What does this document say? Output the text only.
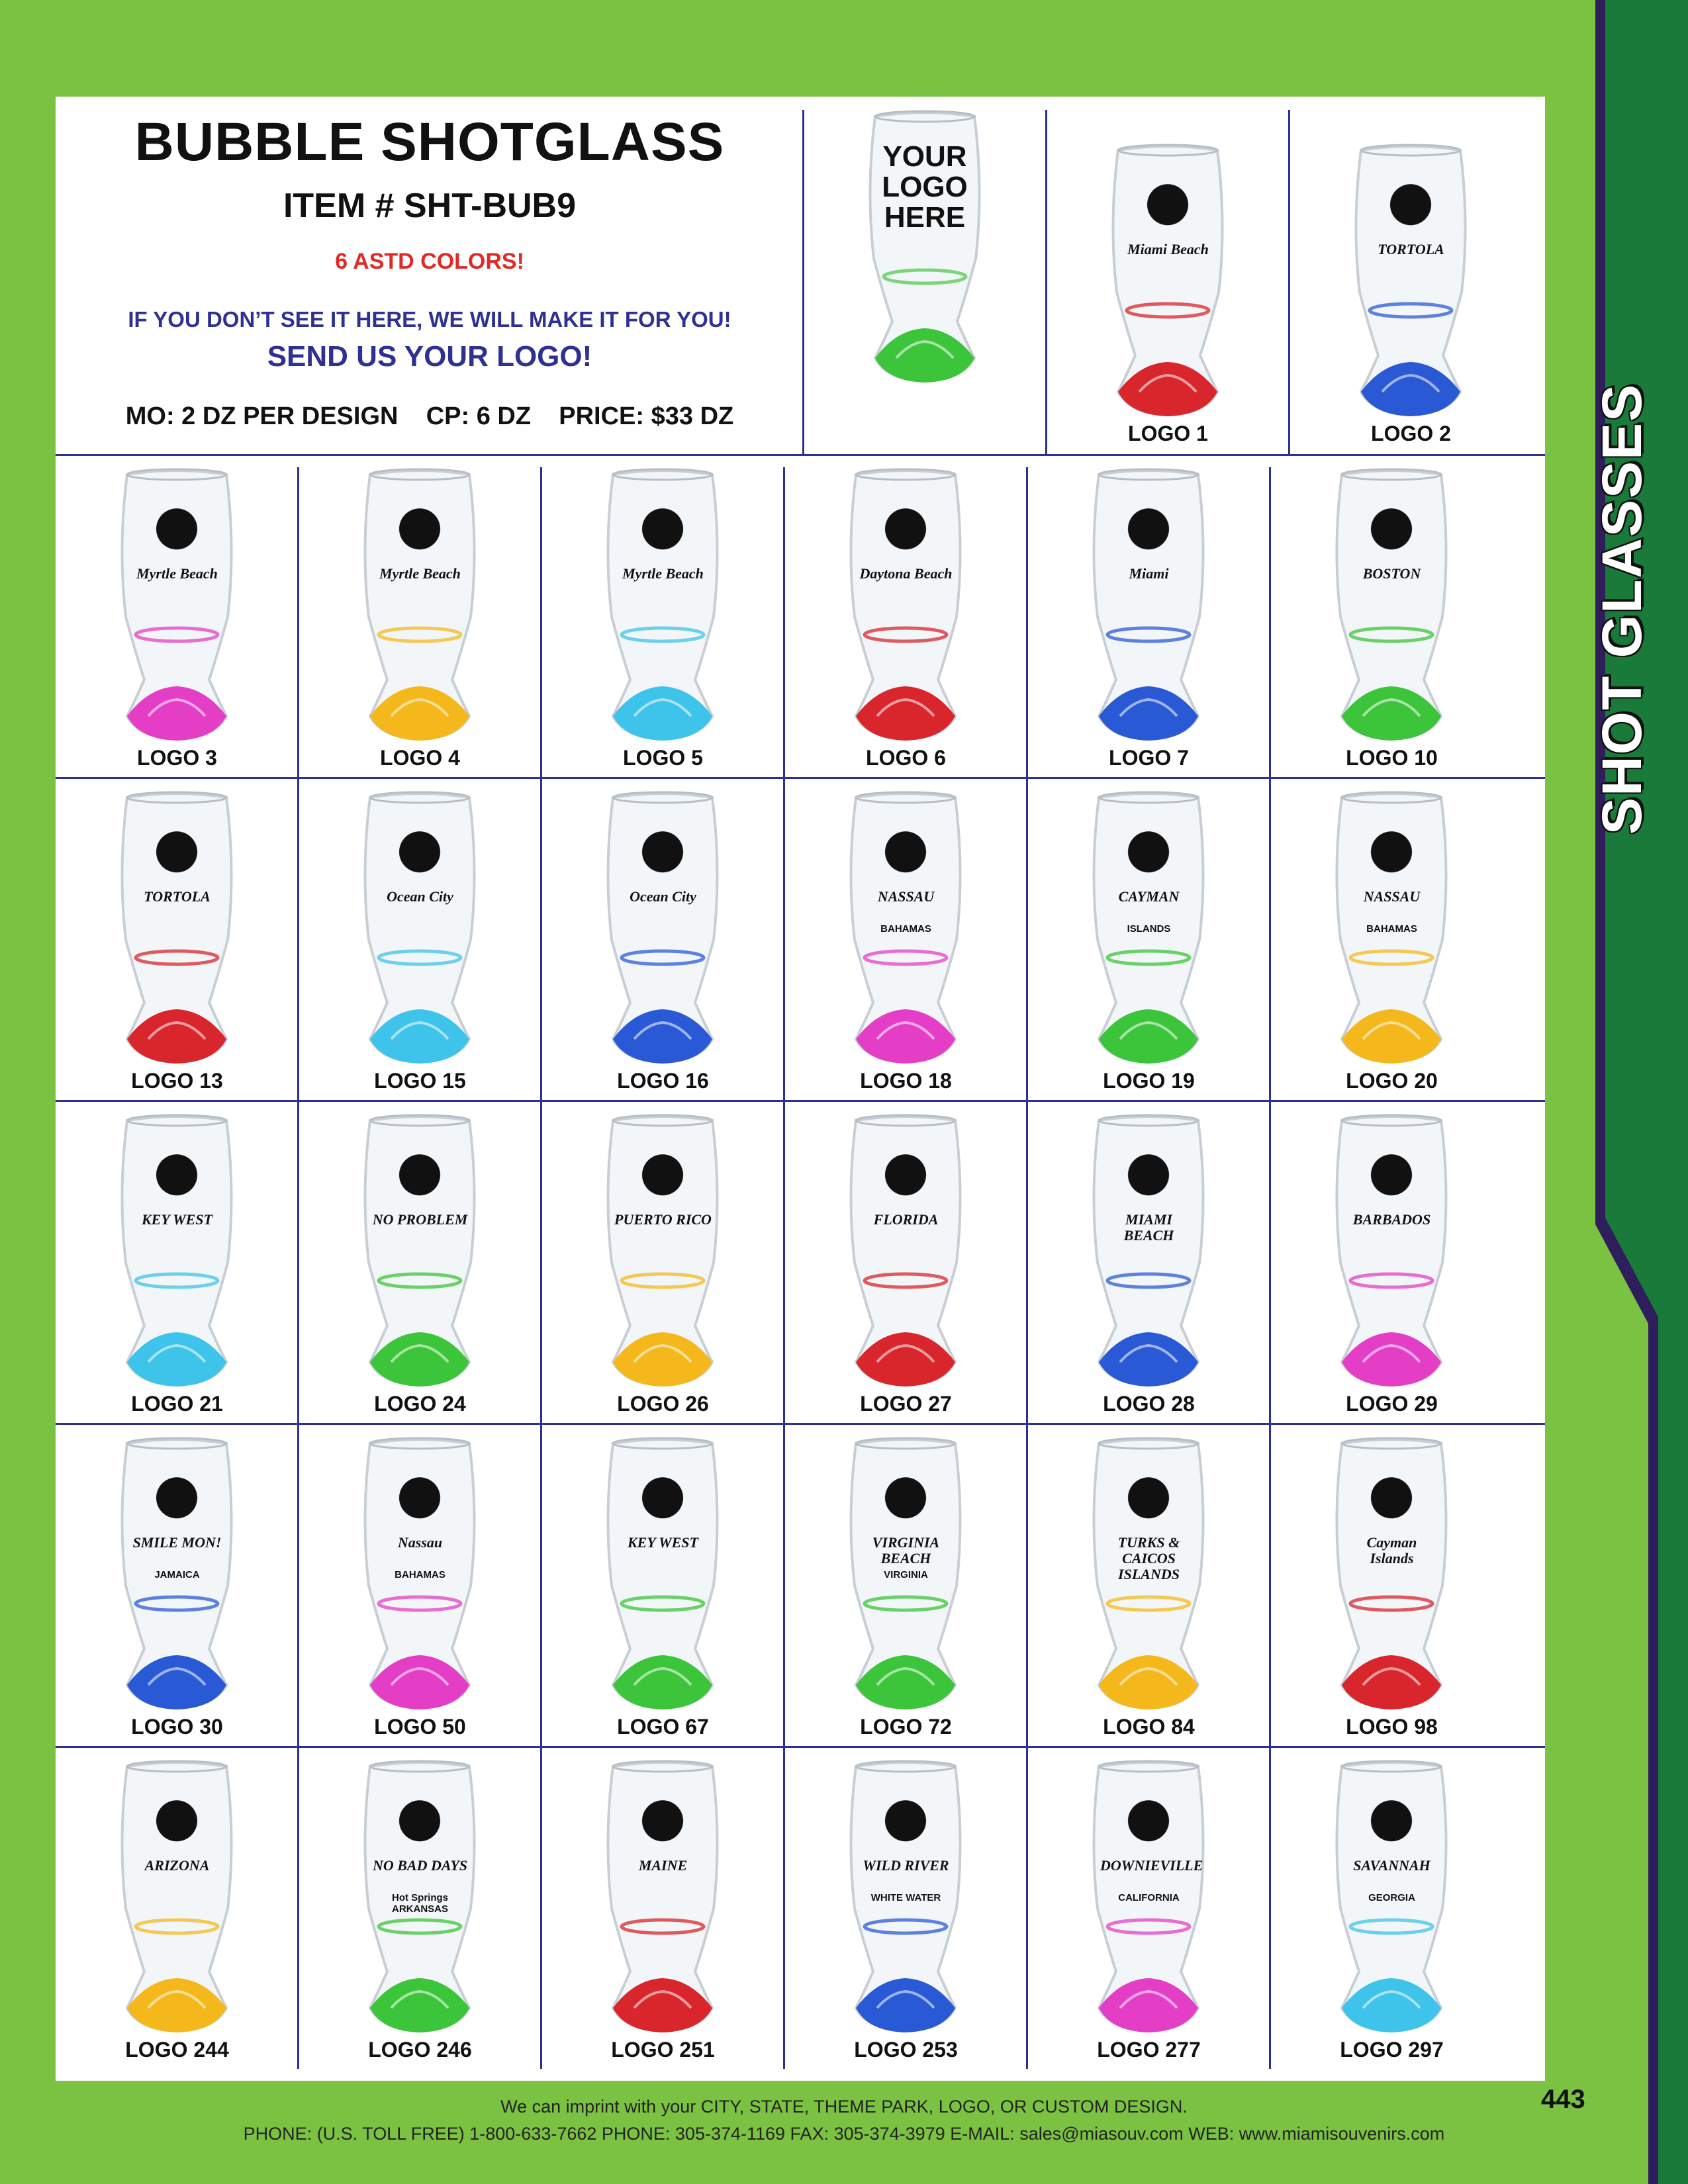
SHOT GLASSES
BUBBLE SHOTGLASS
ITEM # SHT-BUB9
6 ASTD COLORS!
IF YOU DON’T SEE IT HERE, WE WILL MAKE IT FOR YOU!
SEND US YOUR LOGO!
MO: 2 DZ PER DESIGN    CP: 6 DZ    PRICE: $33 DZ
YOUR
LOGO
HERE
Miami Beach
LOGO 1
TORTOLA
LOGO 2
Myrtle Beach
LOGO 3
Myrtle Beach
LOGO 4
Myrtle Beach
LOGO 5
Daytona Beach
LOGO 6
Miami
LOGO 7
BOSTON
LOGO 10
TORTOLA
LOGO 13
Ocean City
LOGO 15
Ocean City
LOGO 16
NASSAU
BAHAMAS
LOGO 18
CAYMAN
ISLANDS
LOGO 19
NASSAU
BAHAMAS
LOGO 20
KEY WEST
LOGO 21
NO PROBLEM
LOGO 24
PUERTO RICO
LOGO 26
FLORIDA
LOGO 27
MIAMI BEACH
LOGO 28
BARBADOS
LOGO 29
SMILE MON!
JAMAICA
LOGO 30
Nassau
BAHAMAS
LOGO 50
KEY WEST
LOGO 67
VIRGINIA BEACH
VIRGINIA
LOGO 72
TURKS & CAICOS ISLANDS
LOGO 84
Cayman Islands
LOGO 98
ARIZONA
LOGO 244
NO BAD DAYS
Hot Springs ARKANSAS
LOGO 246
MAINE
LOGO 251
WILD RIVER
WHITE WATER
LOGO 253
DOWNIEVILLE
CALIFORNIA
LOGO 277
SAVANNAH
GEORGIA
LOGO 297
We can imprint with your CITY, STATE, THEME PARK, LOGO, OR CUSTOM DESIGN.
PHONE: (U.S. TOLL FREE) 1-800-633-7662 PHONE: 305-374-1169 FAX: 305-374-3979 E-MAIL: sales@miasouv.com WEB: www.miamisouvenirs.com
443
